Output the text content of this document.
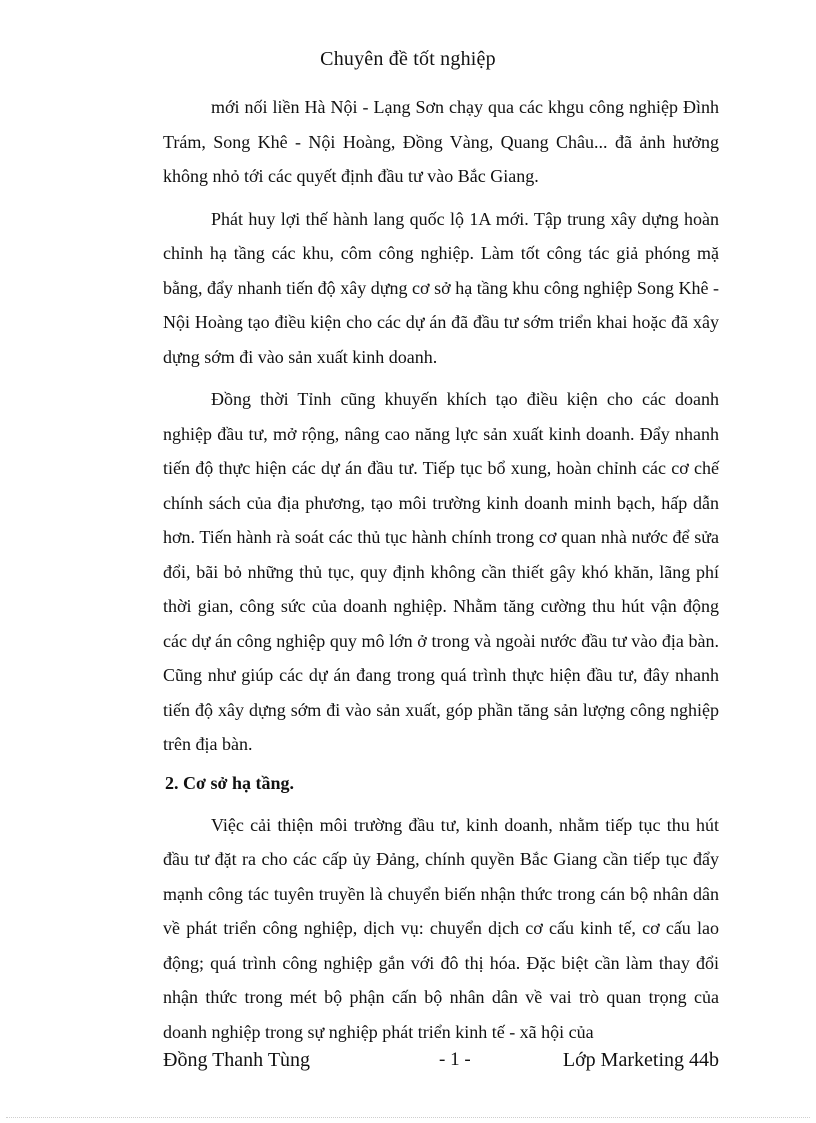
Chuyên đề tốt nghiệp

mới nối liền Hà Nội - Lạng Sơn chạy qua các khgu công nghiệp Đình Trám, Song Khê - Nội Hoàng, Đồng Vàng, Quang Châu... đã ảnh hưởng không nhỏ tới các quyết định đầu tư vào Bắc Giang.

Phát huy lợi thế hành lang quốc lộ 1A mới. Tập trung xây dựng hoàn chỉnh hạ tầng các khu, côm công nghiệp. Làm tốt công tác giả phóng mặ bằng, đẩy nhanh tiến độ xây dựng cơ sở hạ tầng khu công nghiệp Song Khê - Nội Hoàng tạo điều kiện cho các dự án đã đầu tư sớm triển khai hoặc đã xây dựng sớm đi vào sản xuất kinh doanh.

Đồng thời Tỉnh cũng khuyến khích tạo điều kiện cho các doanh nghiệp đầu tư, mở rộng, nâng cao năng lực sản xuất kinh doanh. Đẩy nhanh tiến độ thực hiện các dự án đầu tư. Tiếp tục bổ xung, hoàn chỉnh các cơ chế chính sách của địa phương, tạo môi trường kinh doanh minh bạch, hấp dẫn hơn. Tiến hành rà soát các thủ tục hành chính trong cơ quan nhà nước để sửa đổi, bãi bỏ những thủ tục, quy định không cần thiết gây khó khăn, lãng phí thời gian, công sức của doanh nghiệp. Nhằm tăng cường thu hút vận động các dự án công nghiệp quy mô lớn ở trong và ngoài nước đầu tư vào địa bàn. Cũng như giúp các dự án đang trong quá trình thực hiện đầu tư, đây nhanh tiến độ xây dựng sớm đi vào sản xuất, góp phần tăng sản lượng công nghiệp trên địa bàn.

2. Cơ sở hạ tầng.

Việc cải thiện môi trường đầu tư, kinh doanh, nhằm tiếp tục thu hút đầu tư đặt ra cho các cấp ủy Đảng, chính quyền Bắc Giang cần tiếp tục đẩy mạnh công tác tuyên truyền là chuyển biến nhận thức trong cán bộ nhân dân về phát triển công nghiệp, dịch vụ: chuyển dịch cơ cấu kinh tế, cơ cấu lao động; quá trình công nghiệp gắn với đô thị hóa. Đặc biệt cần làm thay đổi nhận thức trong mét bộ phận cấn bộ nhân dân về vai trò quan trọng của doanh nghiệp trong sự nghiệp phát triển kinh tế - xã hội của

Đồng Thanh Tùng	- 1 -	Lớp Marketing 44b
